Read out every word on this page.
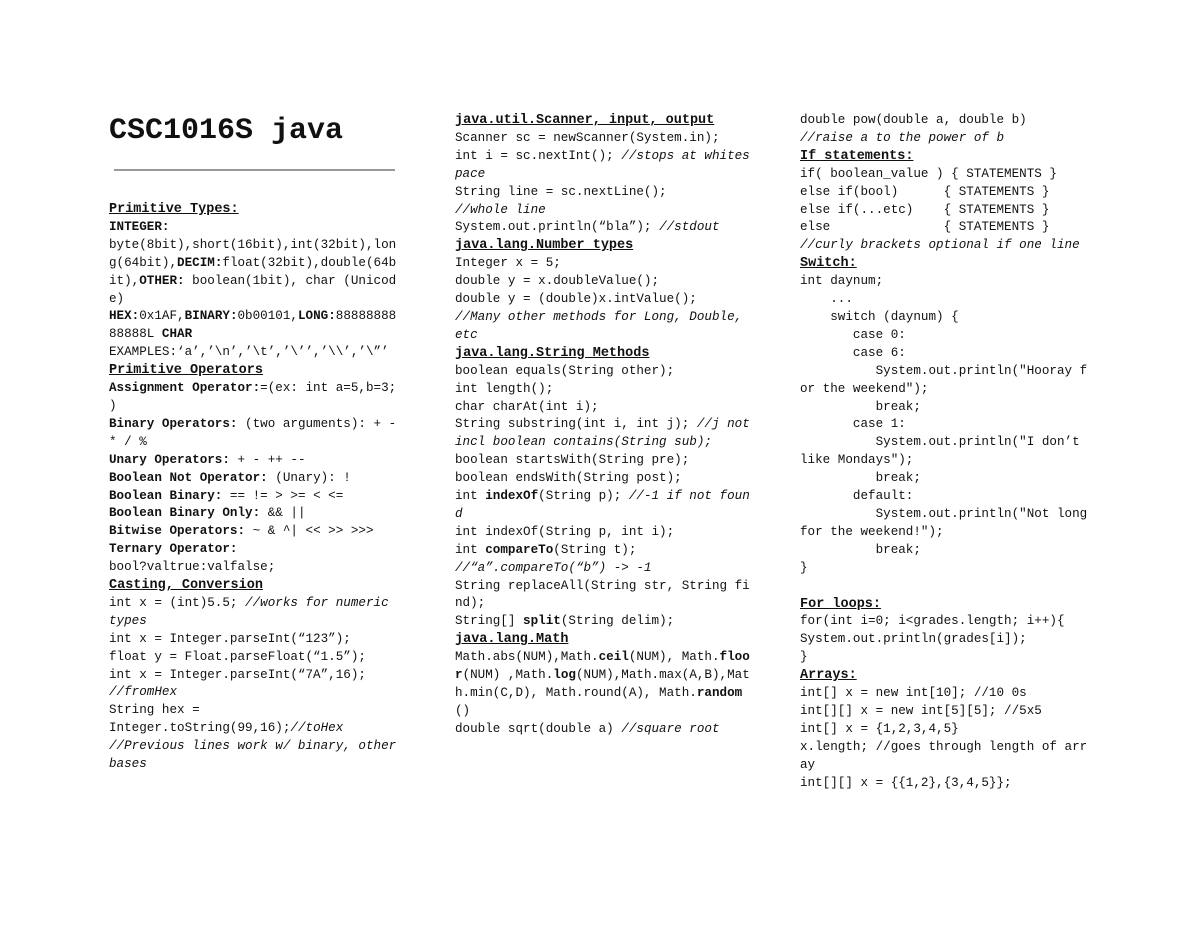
CSC1016S java
Primitive Types:
INTEGER:
byte(8bit),short(16bit),int(32bit),long(64bit),DECIM:float(32bit),double(64bit),OTHER: boolean(1bit), char (Unicode)
HEX:0x1AF,BINARY:0b00101,LONG:8888888888888L CHAR
EXAMPLES:‘a’,’\n’,’\t’,’\’’,’\\’,’\”’
Primitive Operators
Assignment Operator:=(ex: int a=5,b=3; )
Binary Operators: (two arguments): + - * / %
Unary Operators: + - ++ --
Boolean Not Operator: (Unary): !
Boolean Binary: == != > >= < <=
Boolean Binary Only: && ||
Bitwise Operators: ~ & ^| << >> >>>
Ternary Operator:
bool?valtrue:valfalse;
Casting, Conversion
int x = (int)5.5; //works for numeric types
int x = Integer.parseInt(“123”);
float y = Float.parseFloat(“1.5”);
int x = Integer.parseInt(“7A”,16);
//fromHex
String hex =
Integer.toString(99,16);//toHex
//Previous lines work w/ binary, other bases
java.util.Scanner, input, output
Scanner sc = newScanner(System.in);
int i = sc.nextInt(); //stops at whitespace
String line = sc.nextLine();
//whole line
System.out.println(“bla”); //stdout
java.lang.Number types
Integer x = 5;
double y = x.doubleValue();
double y = (double)x.intValue();
//Many other methods for Long, Double, etc
java.lang.String Methods
boolean equals(String other);
int length();
char charAt(int i);
String substring(int i, int j); //j not incl boolean contains(String sub);
boolean startsWith(String pre);
boolean endsWith(String post);
int indexOf(String p); //-1 if not found
int indexOf(String p, int i);
int compareTo(String t);
//“a”.compareTo(“b”) -> -1
String replaceAll(String str, String find);
String[] split(String delim);
java.lang.Math
Math.abs(NUM),Math.ceil(NUM), Math.floor(NUM) ,Math.log(NUM),Math.max(A,B),Math.min(C,D), Math.round(A), Math.random()
double sqrt(double a) //square root
double pow(double a, double b)
//raise a to the power of b
If statements:
if( boolean_value ) { STATEMENTS }
else if(bool)      { STATEMENTS }
else if(...etc)    { STATEMENTS }
else               { STATEMENTS }
//curly brackets optional if one line
Switch:
int daynum;
...
switch (daynum) {
case 0:
case 6:
System.out.println("Hooray for the weekend");
break;
case 1:
System.out.println("I don’t like Mondays");
break;
default:
System.out.println("Not long for the weekend!");
break;
}
For loops:
for(int i=0; i<grades.length; i++){
System.out.println(grades[i]);
}
Arrays:
int[] x = new int[10]; //10 0s
int[][] x = new int[5][5]; //5x5
int[] x = {1,2,3,4,5}
x.length; //goes through length of array
int[][] x = {{1,2},{3,4,5}};
